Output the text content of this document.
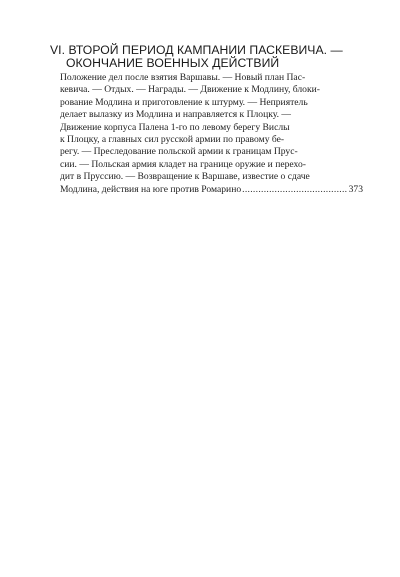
VI. ВТОРОЙ ПЕРИОД КАМПАНИИ ПАСКЕВИЧА. —
ОКОНЧАНИЕ ВОЕННЫХ ДЕЙСТВИЙ
Положение дел после взятия Варшавы. — Новый план Пас-
кевича. — Отдых. — Награды. — Движение к Модлину, блоки-
рование Модлина и приготовление к штурму. — Неприятель
делает вылазку из Модлина и направляется к Плоцку. —
Движение корпуса Палена 1-го по левому берегу Вислы
к Плоцку, а главных сил русской армии по правому бе-
регу. — Преследование польской армии к границам Прус-
сии. — Польская армия кладет на границе оружие и перехо-
дит в Пруссию. — Возвращение к Варшаве, известие о сдаче
Модлина, действия на юге против Ромарино
.....	373
